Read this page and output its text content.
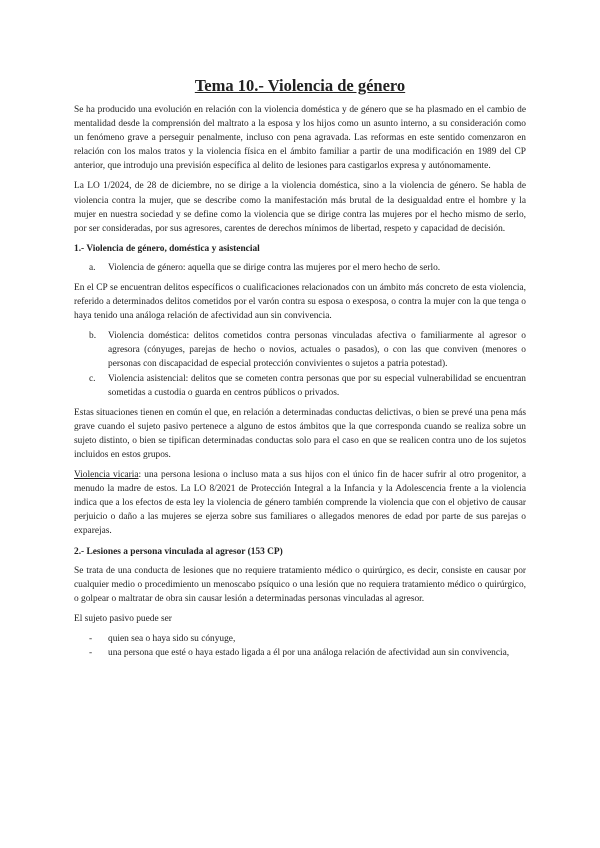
Tema 10.- Violencia de género

Se ha producido una evolución en relación con la violencia doméstica y de género que se ha plasmado en el cambio de mentalidad desde la comprensión del maltrato a la esposa y los hijos como un asunto interno, a su consideración como un fenómeno grave a perseguir penalmente, incluso con pena agravada. Las reformas en este sentido comenzaron en relación con los malos tratos y la violencia física en el ámbito familiar a partir de una modificación en 1989 del CP anterior, que introdujo una previsión específica al delito de lesiones para castigarlos expresa y autónomamente.

La LO 1/2024, de 28 de diciembre, no se dirige a la violencia doméstica, sino a la violencia de género. Se habla de violencia contra la mujer, que se describe como la manifestación más brutal de la desigualdad entre el hombre y la mujer en nuestra sociedad y se define como la violencia que se dirige contra las mujeres por el hecho mismo de serlo, por ser consideradas, por sus agresores, carentes de derechos mínimos de libertad, respeto y capacidad de decisión.

1.- Violencia de género, doméstica y asistencial
a. Violencia de género: aquella que se dirige contra las mujeres por el mero hecho de serlo.

En el CP se encuentran delitos específicos o cualificaciones relacionados con un ámbito más concreto de esta violencia, referido a determinados delitos cometidos por el varón contra su esposa o exesposa, o contra la mujer con la que tenga o haya tenido una análoga relación de afectividad aun sin convivencia.

b. Violencia doméstica: delitos cometidos contra personas vinculadas afectiva o familiarmente al agresor o agresora (cónyuges, parejas de hecho o novios, actuales o pasados), o con las que conviven (menores o personas con discapacidad de especial protección convivientes o sujetos a patria potestad).
c. Violencia asistencial: delitos que se cometen contra personas que por su especial vulnerabilidad se encuentran sometidas a custodia o guarda en centros públicos o privados.

Estas situaciones tienen en común el que, en relación a determinadas conductas delictivas, o bien se prevé una pena más grave cuando el sujeto pasivo pertenece a alguno de estos ámbitos que la que corresponda cuando se realiza sobre un sujeto distinto, o bien se tipifican determinadas conductas solo para el caso en que se realicen contra uno de los sujetos incluidos en estos grupos.

Violencia vicaria: una persona lesiona o incluso mata a sus hijos con el único fin de hacer sufrir al otro progenitor, a menudo la madre de estos. La LO 8/2021 de Protección Integral a la Infancia y la Adolescencia frente a la violencia indica que a los efectos de esta ley la violencia de género también comprende la violencia que con el objetivo de causar perjuicio o daño a las mujeres se ejerza sobre sus familiares o allegados menores de edad por parte de sus parejas o exparejas.

2.- Lesiones a persona vinculada al agresor (153 CP)

Se trata de una conducta de lesiones que no requiere tratamiento médico o quirúrgico, es decir, consiste en causar por cualquier medio o procedimiento un menoscabo psíquico o una lesión que no requiera tratamiento médico o quirúrgico, o golpear o maltratar de obra sin causar lesión a determinadas personas vinculadas al agresor.

El sujeto pasivo puede ser

- quien sea o haya sido su cónyuge,
- una persona que esté o haya estado ligada a él por una análoga relación de afectividad aun sin convivencia,
